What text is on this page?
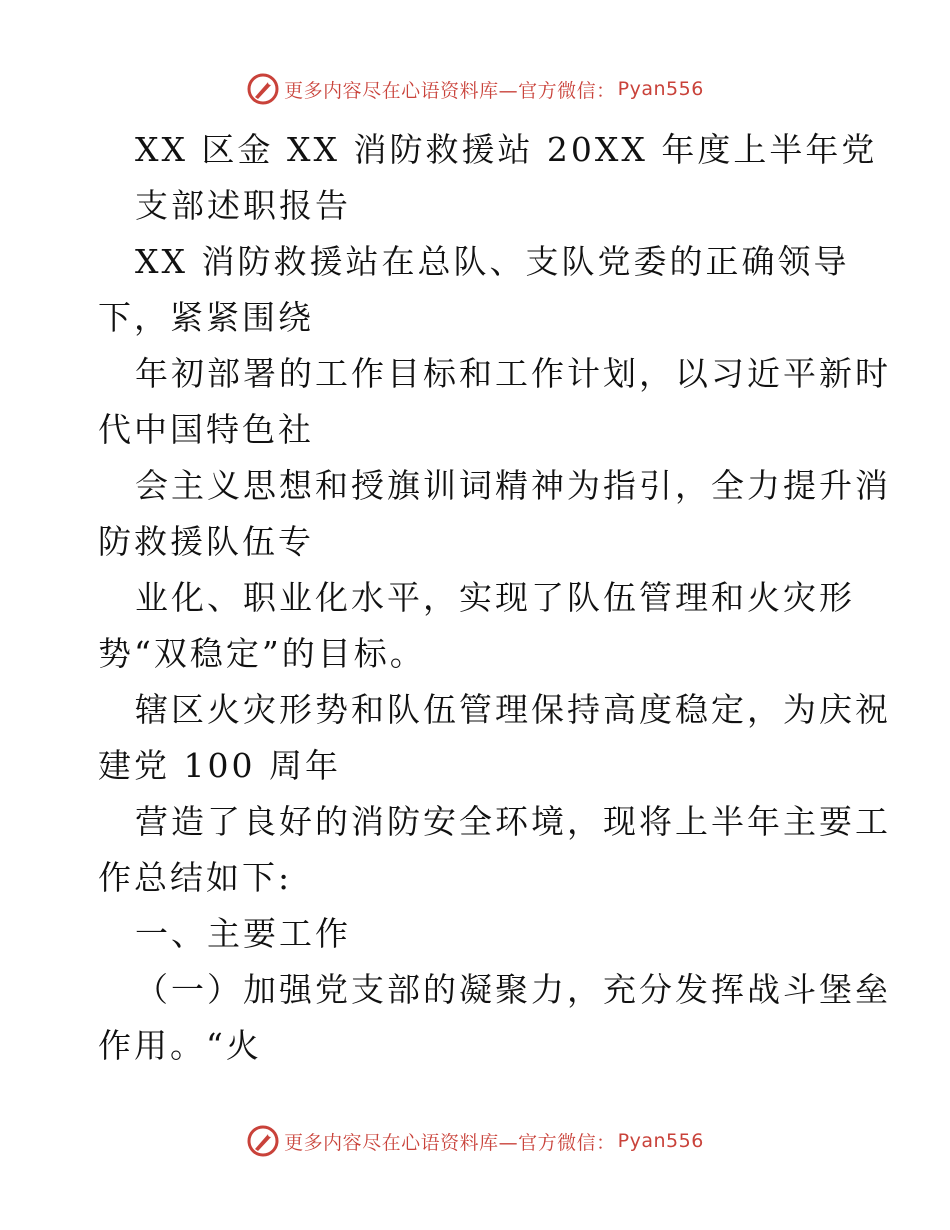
更多内容尽在心语资料库—官方微信： Pyan556
XX 区金 XX 消防救援站 20XX 年度上半年党
支部述职报告
XX 消防救援站在总队、支队党委的正确领导
下，紧紧围绕
年初部署的工作目标和工作计划，以习近平新时
代中国特色社
会主义思想和授旗训词精神为指引，全力提升消
防救援队伍专
业化、职业化水平，实现了队伍管理和火灾形
势“双稳定”的目标。
辖区火灾形势和队伍管理保持高度稳定，为庆祝
建党 100 周年
营造了良好的消防安全环境，现将上半年主要工
作总结如下:
一、主要工作
（一）加强党支部的凝聚力，充分发挥战斗堡垒
作用。“火
更多内容尽在心语资料库—官方微信： Pyan556
